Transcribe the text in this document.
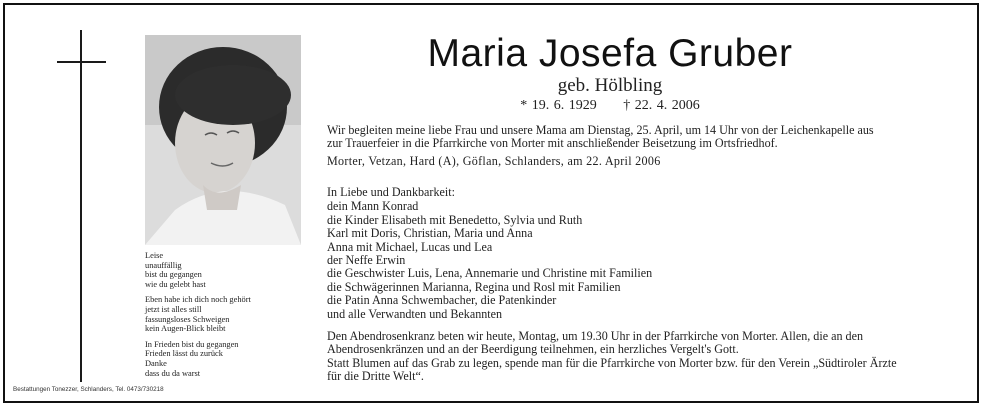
Leise
unauffällig
bist du gegangen
wie du gelebt hast
Eben habe ich dich noch gehört
jetzt ist alles still
fassungsloses Schweigen
kein Augen-Blick bleibt
In Frieden bist du gegangen
Frieden lässt du zurück
Danke
dass du da warst
Maria Josefa Gruber
geb. Hölbling
* 19. 6. 1929 † 22. 4. 2006
Wir begleiten meine liebe Frau und unsere Mama am Dienstag, 25. April, um 14 Uhr von der Leichenkapelle aus
zur Trauerfeier in die Pfarrkirche von Morter mit anschließender Beisetzung im Ortsfriedhof.
Morter, Vetzan, Hard (A), Göflan, Schlanders, am 22. April 2006
In Liebe und Dankbarkeit:
dein Mann Konrad
die Kinder Elisabeth mit Benedetto, Sylvia und Ruth
Karl mit Doris, Christian, Maria und Anna
Anna mit Michael, Lucas und Lea
der Neffe Erwin
die Geschwister Luis, Lena, Annemarie und Christine mit Familien
die Schwägerinnen Marianna, Regina und Rosl mit Familien
die Patin Anna Schwembacher, die Patenkinder
und alle Verwandten und Bekannten
Den Abendrosenkranz beten wir heute, Montag, um 19.30 Uhr in der Pfarrkirche von Morter. Allen, die an den
Abendrosenkränzen und an der Beerdigung teilnehmen, ein herzliches Vergelt's Gott.
Statt Blumen auf das Grab zu legen, spende man für die Pfarrkirche von Morter bzw. für den Verein „Südtiroler Ärzte
für die Dritte Welt“.
Bestattungen Tonezzer, Schlanders, Tel. 0473/730218
